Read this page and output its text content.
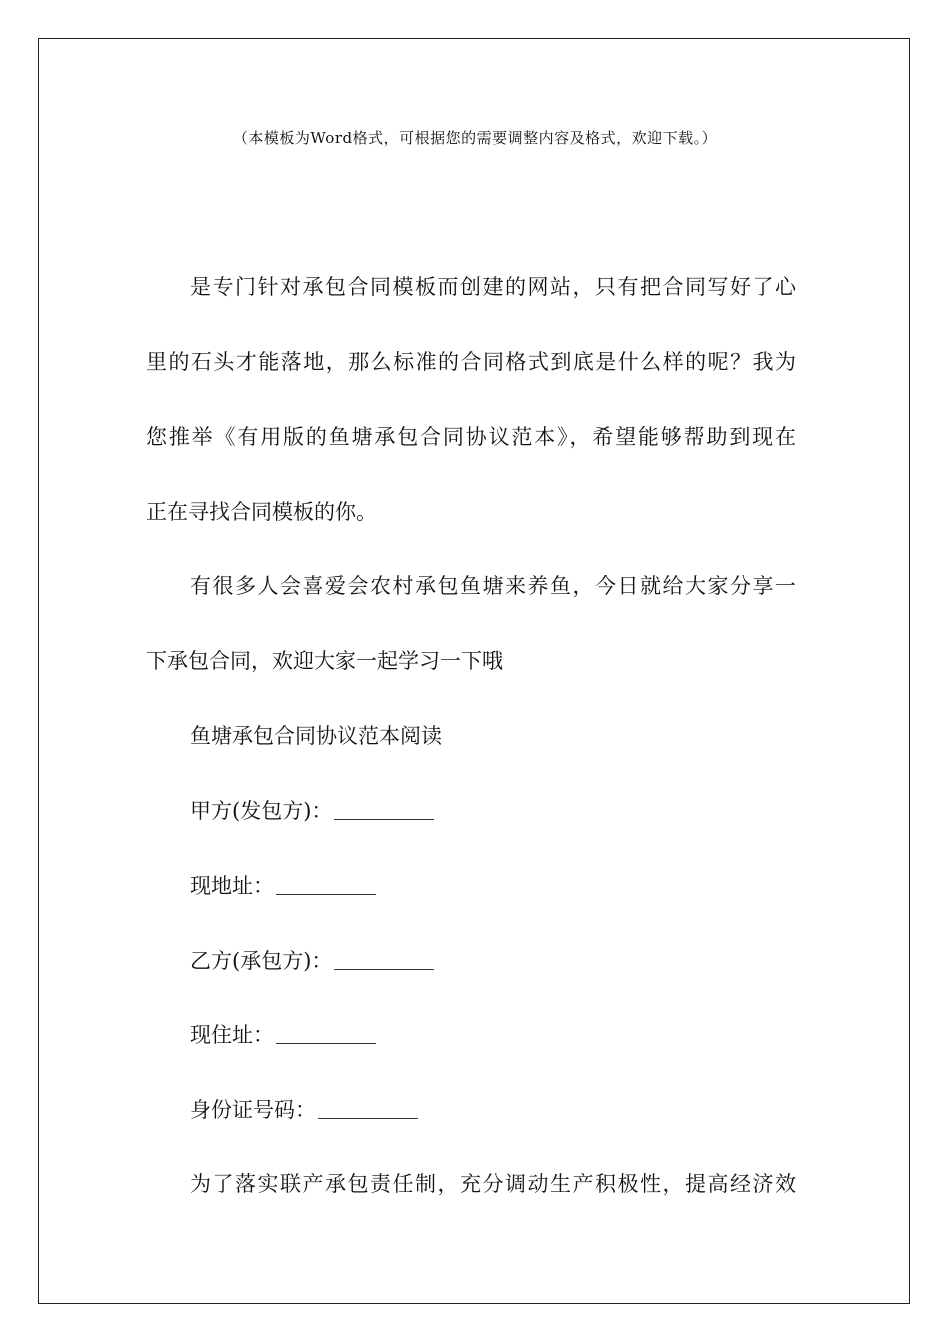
（本模板为Word格式，可根据您的需要调整内容及格式，欢迎下载。）
是专门针对承包合同模板而创建的网站，只有把合同写好了心
里的石头才能落地，那么标准的合同格式到底是什么样的呢？我为
您推举《有用版的鱼塘承包合同协议范本》，希望能够帮助到现在
正在寻找合同模板的你。
有很多人会喜爱会农村承包鱼塘来养鱼，今日就给大家分享一
下承包合同，欢迎大家一起学习一下哦
鱼塘承包合同协议范本阅读
甲方(发包方)：
现地址：
乙方(承包方)：
现住址：
身份证号码：
为了落实联产承包责任制，充分调动生产积极性，提高经济效
